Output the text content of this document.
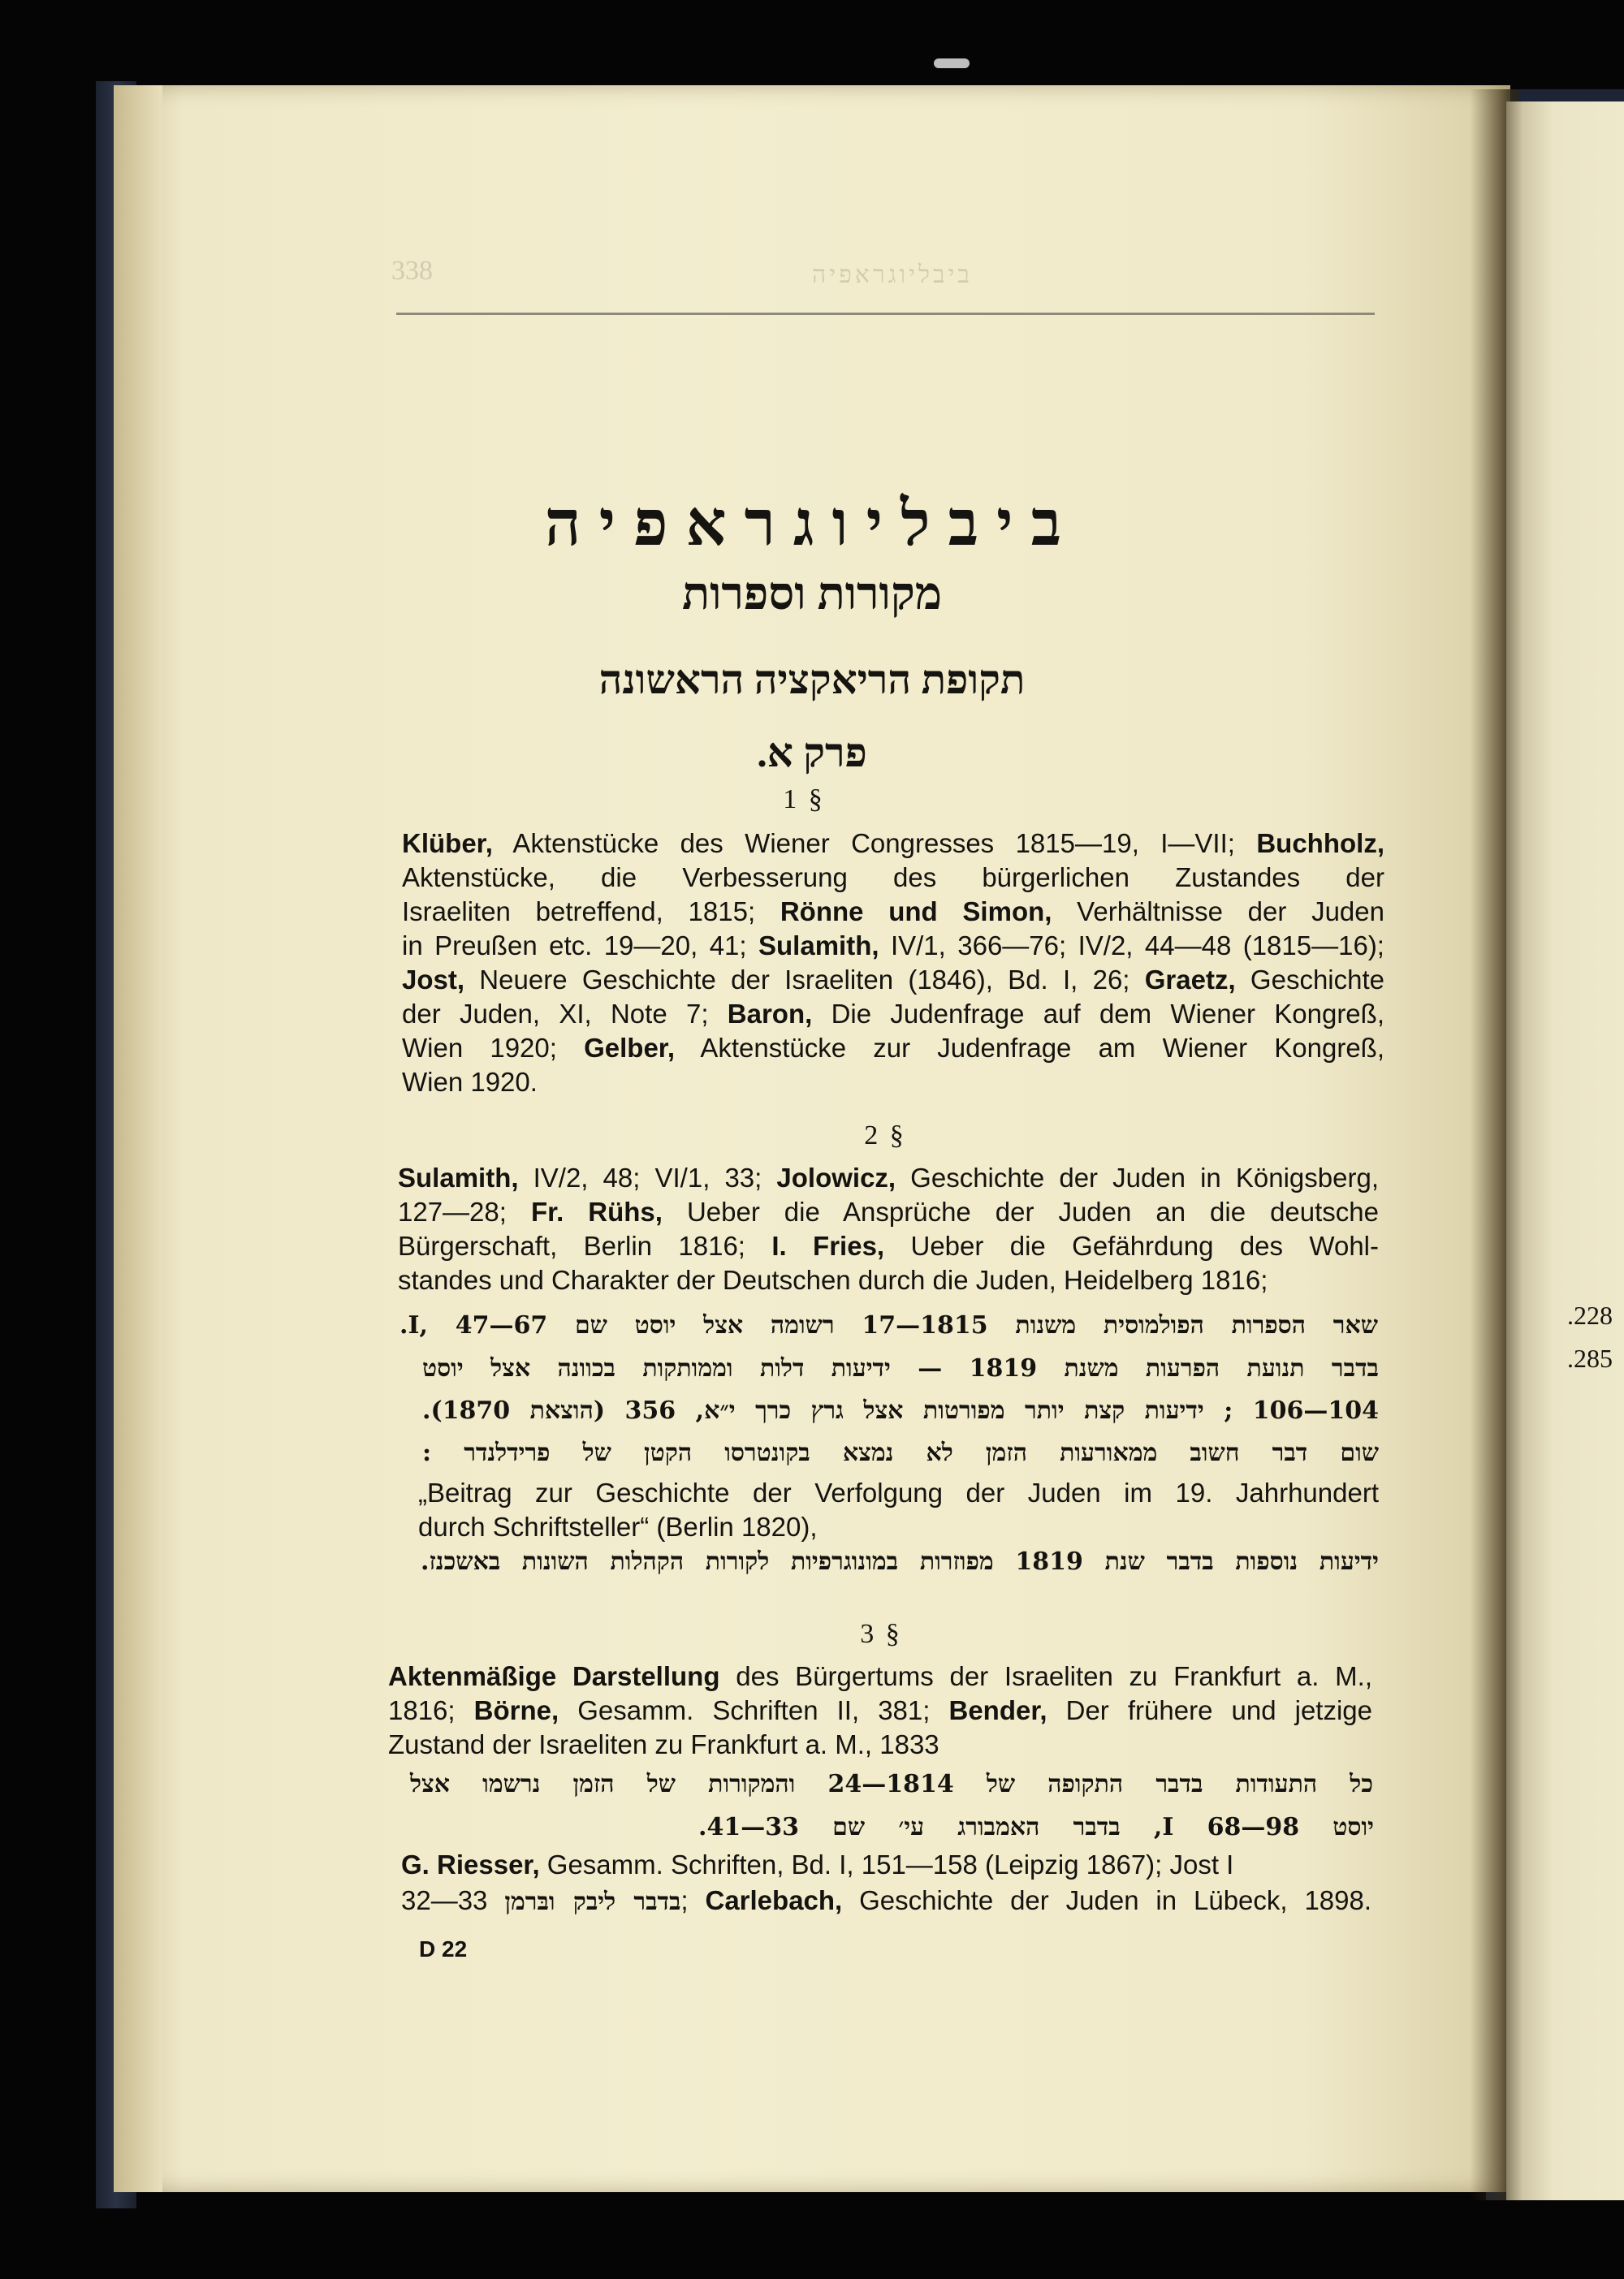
338	ביבליוגראפיה
ביבליוגראפיה
מקורות וספרות
תקופת הריאקציה הראשונה
פרק א.
1 §
2 §
3 §
Klüber, Aktenstücke des Wiener Congresses 1815—19, I—VII; Buchholz,
Aktenstücke, die Verbesserung des bürgerlichen Zustandes der
Israeliten betreffend, 1815; Rönne und Simon, Verhältnisse der Juden
in Preußen etc. 19—20, 41; Sulamith, IV/1, 366—76; IV/2, 44—48 (1815—16);
Jost, Neuere Geschichte der Israeliten (1846), Bd. I, 26; Graetz, Geschichte
der Juden, XI, Note 7; Baron, Die Judenfrage auf dem Wiener Kongreß,
Wien 1920; Gelber, Aktenstücke zur Judenfrage am Wiener Kongreß,
Wien 1920.
Sulamith, IV/2, 48; VI/1, 33; Jolowicz, Geschichte der Juden in Königsberg,
127—28; Fr. Rühs, Ueber die Ansprüche der Juden an die deutsche
Bürgerschaft, Berlin 1816; I. Fries, Ueber die Gefährdung des Wohl-
standes und Charakter der Deutschen durch die Juden, Heidelberg 1816;
שאר הספרות הפולמוסית משנות 1815—17 רשומה אצל יוסט שם I, 47—67.
בדבר תנועת הפרעות משנת 1819 — ידיעות דלות וממותקות בכוונה אצל יוסט
104—106 ; ידיעות קצת יותר מפורטות אצל גרץ כרך י״א, 356 (הוצאת 1870).
שום דבר חשוב ממאורעות הזמן לא נמצא בקונטרסו הקטן של פרידלנדר :
„Beitrag zur Geschichte der Verfolgung der Juden im 19. Jahrhundert
durch Schriftsteller“ (Berlin 1820),
ידיעות נוספות בדבר שנת 1819 מפוזרות במונוגרפיות לקורות הקהלות השונות באשכנז.
Aktenmäßige Darstellung des Bürgertums der Israeliten zu Frankfurt a. M.,
1816; Börne, Gesamm. Schriften II, 381; Bender, Der frühere und jetzige
Zustand der Israeliten zu Frankfurt a. M., 1833
כל התעודות בדבר התקופה של 1814—24 והמקורות של הזמן נרשמו אצל
יוסט I 68—98, בדבר האמבורג עי׳ שם 33—41.
G. Riesser, Gesamm. Schriften, Bd. I, 151—158 (Leipzig 1867); Jost I
32—33 בדבר ליבק ובּרמן; Carlebach, Geschichte der Juden in Lübeck, 1898.
D 22
.228
.285
